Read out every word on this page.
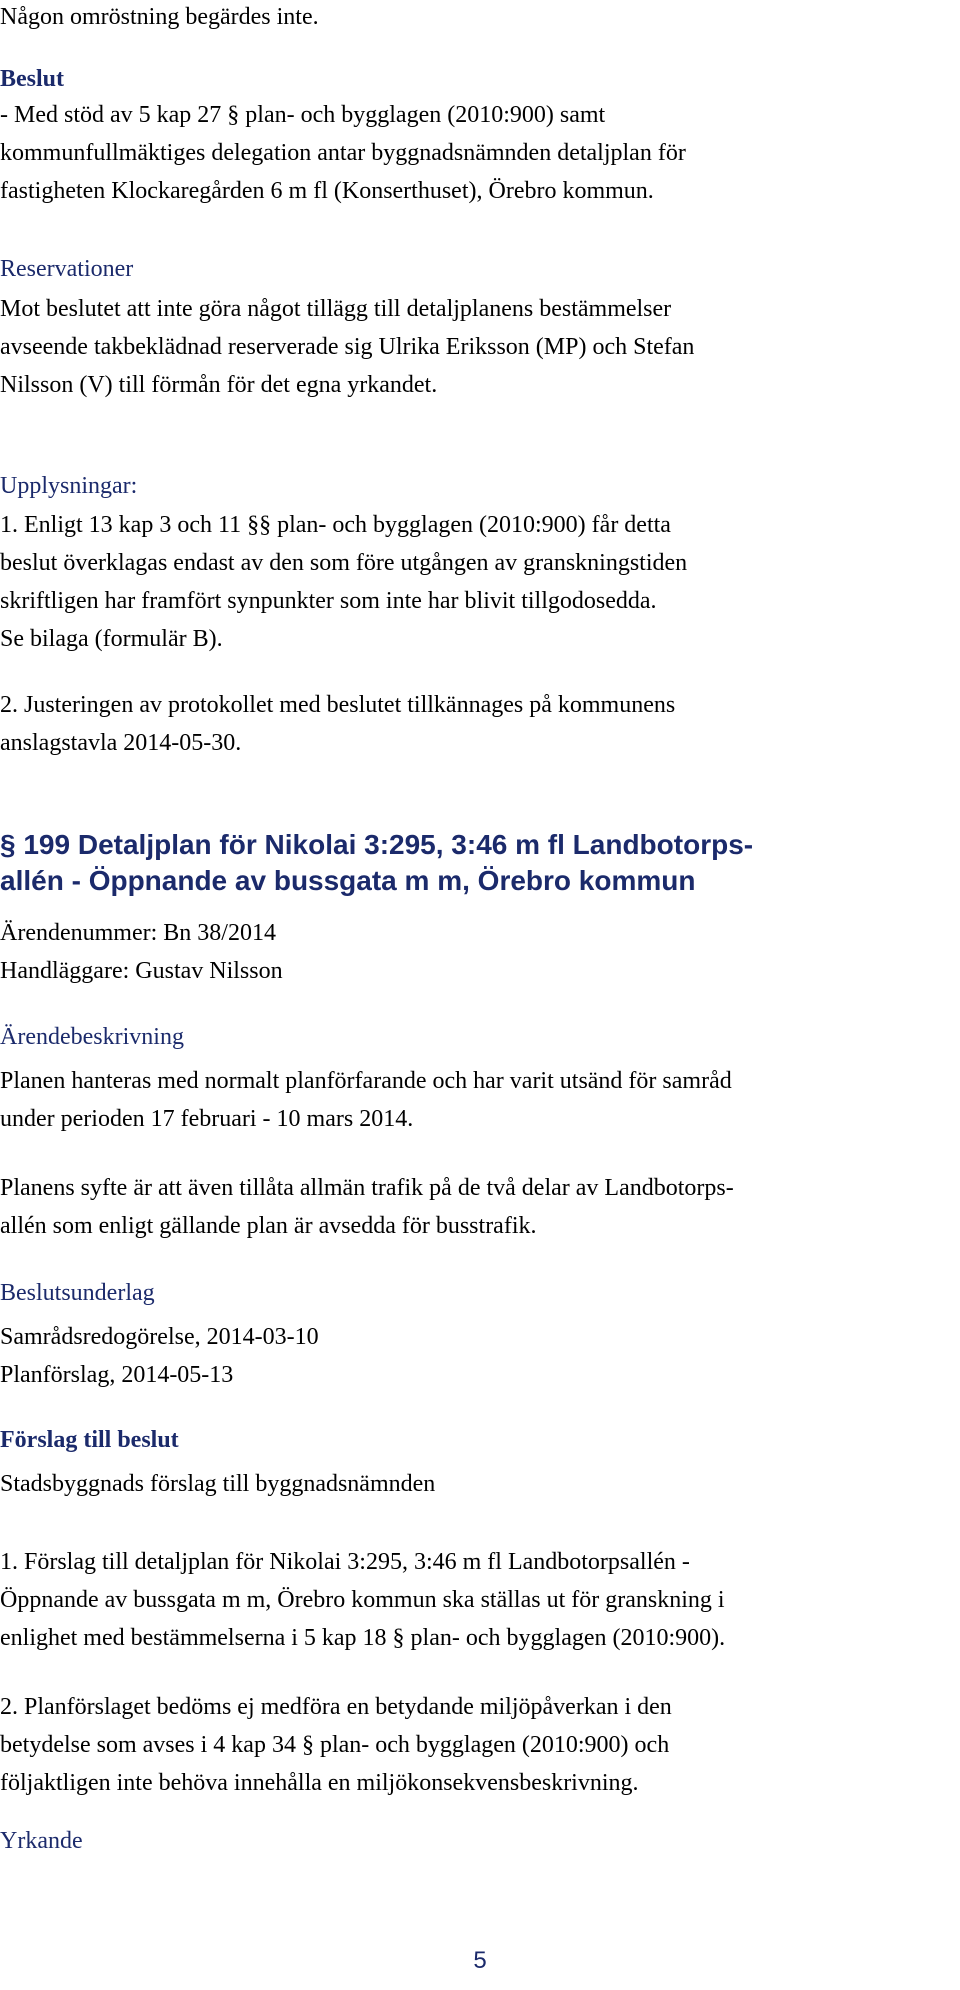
Någon omröstning begärdes inte.
Beslut
- Med stöd av 5 kap 27 § plan- och bygglagen (2010:900) samt
kommunfullmäktiges delegation antar byggnadsnämnden detaljplan för
fastigheten Klockaregården 6 m fl (Konserthuset), Örebro kommun.
Reservationer
Mot beslutet att inte göra något tillägg till detaljplanens bestämmelser
avseende takbeklädnad reserverade sig Ulrika Eriksson (MP) och Stefan
Nilsson (V) till förmån för det egna yrkandet.
Upplysningar:
1. Enligt 13 kap 3 och 11 §§ plan- och bygglagen (2010:900) får detta
beslut överklagas endast av den som före utgången av granskningstiden
skriftligen har framfört synpunkter som inte har blivit tillgodosedda.
Se bilaga (formulär B).
2. Justeringen av protokollet med beslutet tillkännages på kommunens
anslagstavla 2014-05-30.
§ 199 Detaljplan för Nikolai 3:295, 3:46 m fl Landbotorps-
allén - Öppnande av bussgata m m, Örebro kommun
Ärendenummer: Bn 38/2014
Handläggare: Gustav Nilsson
Ärendebeskrivning
Planen hanteras med normalt planförfarande och har varit utsänd för samråd
under perioden 17 februari - 10 mars 2014.
Planens syfte är att även tillåta allmän trafik på de två delar av Landbotorps-
allén som enligt gällande plan är avsedda för busstrafik.
Beslutsunderlag
Samrådsredogörelse, 2014-03-10
Planförslag, 2014-05-13
Förslag till beslut
Stadsbyggnads förslag till byggnadsnämnden
1. Förslag till detaljplan för Nikolai 3:295, 3:46 m fl Landbotorpsallén -
Öppnande av bussgata m m, Örebro kommun ska ställas ut för granskning i
enlighet med bestämmelserna i 5 kap 18 § plan- och bygglagen (2010:900).
2. Planförslaget bedöms ej medföra en betydande miljöpåverkan i den
betydelse som avses i 4 kap 34 § plan- och bygglagen (2010:900) och
följaktligen inte behöva innehålla en miljökonsekvensbeskrivning.
Yrkande
5
